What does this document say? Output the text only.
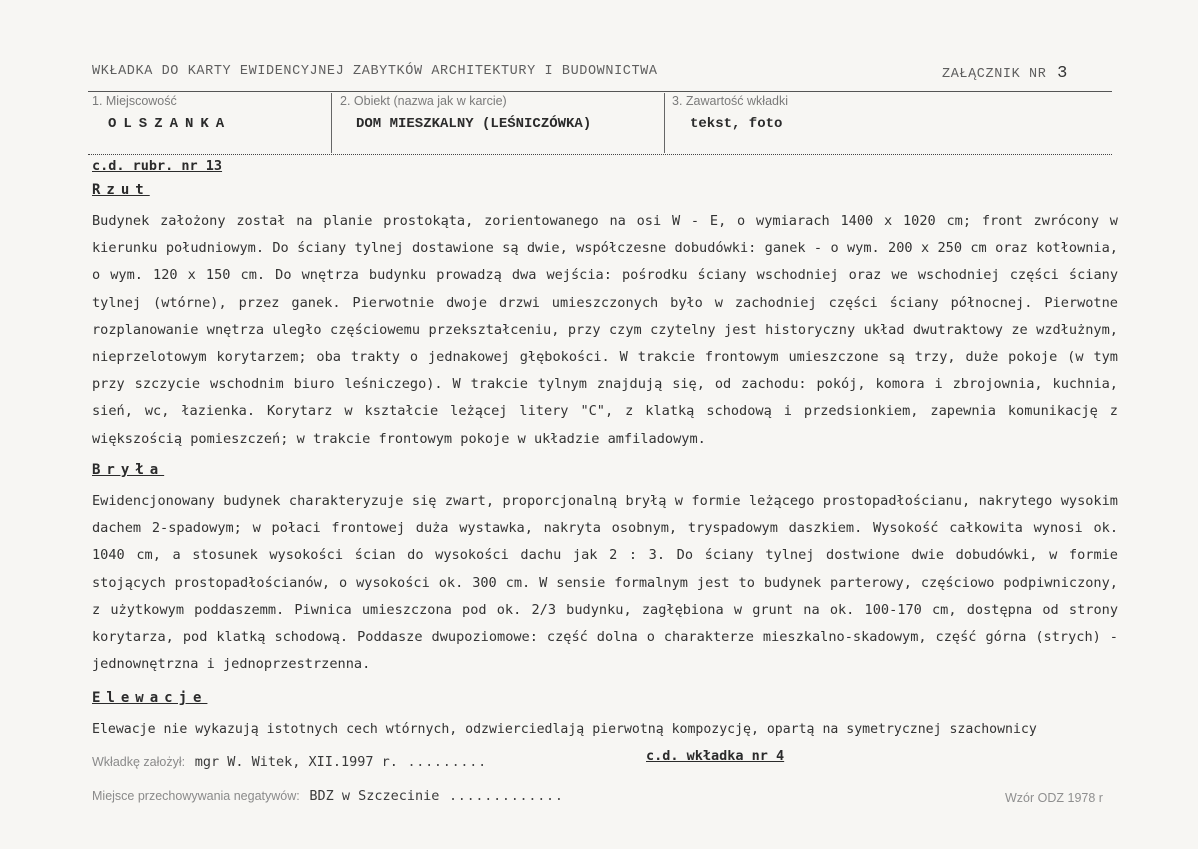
WKŁADKA DO KARTY EWIDENCYJNEJ ZABYTKÓW ARCHITEKTURY I BUDOWNICTWA	ZAŁĄCZNIK NR 3
1. Miejscowość
OLSZANKA
2. Obiekt (nazwa jak w karcie)
DOM MIESZKALNY (LEŚNICZÓWKA)
3. Zawartość wkładki
tekst, foto
c.d. rubr. nr 13
Rzut
Budynek założony został na planie prostokąta, zorientowanego na osi W - E, o wymiarach 1400 x 1020 cm; front zwrócony w kierunku południowym. Do ściany tylnej dostawione są dwie, współczesne dobudówki: ganek - o wym. 200 x 250 cm oraz kotłownia, o wym. 120 x 150 cm. Do wnętrza budynku prowadzą dwa wejścia: pośrodku ściany wschodniej oraz we wschodniej części ściany tylnej (wtórne), przez ganek. Pierwotnie dwoje drzwi umieszczonych było w zachodniej części ściany północnej. Pierwotne rozplanowanie wnętrza uległo częściowemu przekształceniu, przy czym czytelny jest historyczny układ dwutraktowy ze wzdłużnym, nieprzelotowym korytarzem; oba trakty o jednakowej głębokości. W trakcie frontowym umieszczone są trzy, duże pokoje (w tym przy szczycie wschodnim biuro leśniczego). W trakcie tylnym znajdują się, od zachodu: pokój, komora i zbrojownia, kuchnia, sień, wc, łazienka. Korytarz w kształcie leżącej litery "C", z klatką schodową i przedsionkiem, zapewnia komunikację z większością pomieszczeń; w trakcie frontowym pokoje w układzie amfiladowym.
Bryła
Ewidencjonowany budynek charakteryzuje się zwart, proporcjonalną bryłą w formie leżącego prostopadłościanu, nakrytego wysokim dachem 2-spadowym; w połaci frontowej duża wystawka, nakryta osobnym, tryspadowym daszkiem. Wysokość całkowita wynosi ok. 1040 cm, a stosunek wysokości ścian do wysokości dachu jak 2 : 3. Do ściany tylnej dostwione dwie dobudówki, w formie stojących prostopadłościanów, o wysokości ok. 300 cm. W sensie formalnym jest to budynek parterowy, częściowo podpiwniczony, z użytkowym poddaszemm. Piwnica umieszczona pod ok. 2/3 budynku, zagłębiona w grunt na ok. 100-170 cm, dostępna od strony korytarza, pod klatką schodową. Poddasze dwupoziomowe: część dolna o charakterze mieszkalno-skadowym, część górna (strych) - jednownętrzna i jednoprzestrzenna.
Elewacje
Elewacje nie wykazują istotnych cech wtórnych, odzwierciedlają pierwotną kompozycję, opartą na symetrycznej szachownicy
Wkładkę założył: mgr W. Witek, XII.1997 r. .........	c.d. wkładka nr 4
Miejsce przechowywania negatywów: BDZ w Szczecinie .............	Wzór ODZ 1978 r
